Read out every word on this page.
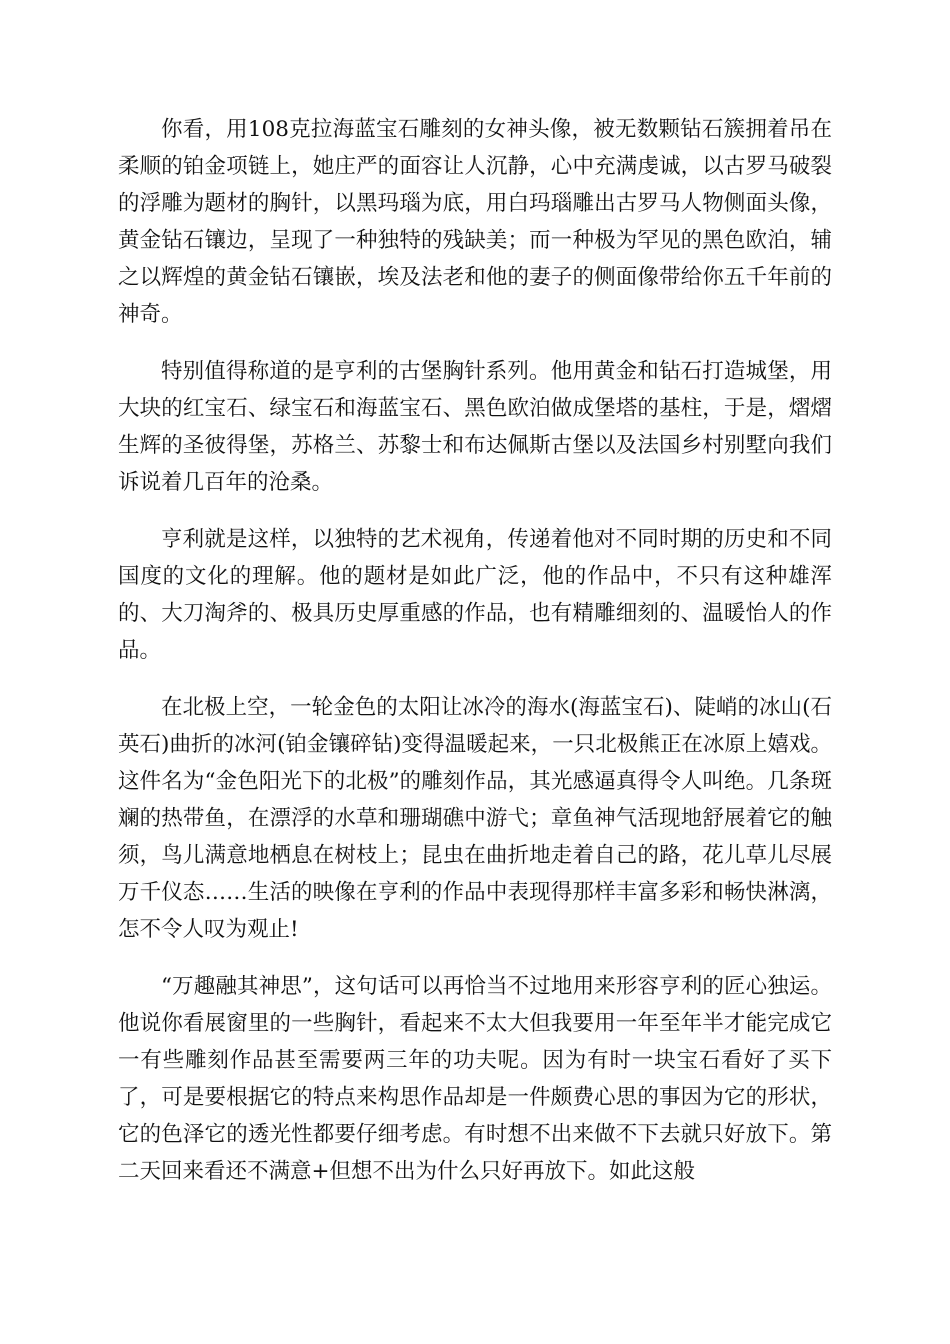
你看，用108克拉海蓝宝石雕刻的女神头像，被无数颗钻石簇拥着吊在柔顺的铂金项链上，她庄严的面容让人沉静，心中充满虔诚，以古罗马破裂的浮雕为题材的胸针，以黑玛瑙为底，用白玛瑙雕出古罗马人物侧面头像，黄金钻石镶边，呈现了一种独特的残缺美；而一种极为罕见的黑色欧泊，辅之以辉煌的黄金钻石镶嵌，埃及法老和他的妻子的侧面像带给你五千年前的神奇。

特别值得称道的是亨利的古堡胸针系列。他用黄金和钻石打造城堡，用大块的红宝石、绿宝石和海蓝宝石、黑色欧泊做成堡塔的基柱，于是，熠熠生辉的圣彼得堡，苏格兰、苏黎士和布达佩斯古堡以及法国乡村别墅向我们诉说着几百年的沧桑。

亨利就是这样，以独特的艺术视角，传递着他对不同时期的历史和不同国度的文化的理解。他的题材是如此广泛，他的作品中，不只有这种雄浑的、大刀淘斧的、极具历史厚重感的作品，也有精雕细刻的、温暖怡人的作品。

在北极上空，一轮金色的太阳让冰冷的海水(海蓝宝石)、陡峭的冰山(石英石)曲折的冰河(铂金镶碎钻)变得温暖起来，一只北极熊正在冰原上嬉戏。这件名为“金色阳光下的北极”的雕刻作品，其光感逼真得令人叫绝。几条斑斓的热带鱼，在漂浮的水草和珊瑚礁中游弋；章鱼神气活现地舒展着它的触须，鸟儿满意地栖息在树枝上；昆虫在曲折地走着自己的路，花儿草儿尽展万千仪态……生活的映像在亨利的作品中表现得那样丰富多彩和畅快淋漓，怎不令人叹为观止!

“万趣融其神思”，这句话可以再恰当不过地用来形容亨利的匠心独运。他说你看展窗里的一些胸针，看起来不太大但我要用一年至年半才能完成它一有些雕刻作品甚至需要两三年的功夫呢。因为有时一块宝石看好了买下了，可是要根据它的特点来构思作品却是一件颇费心思的事因为它的形状，它的色泽它的透光性都要仔细考虑。有时想不出来做不下去就只好放下。第二天回来看还不满意+但想不出为什么只好再放下。如此这般
